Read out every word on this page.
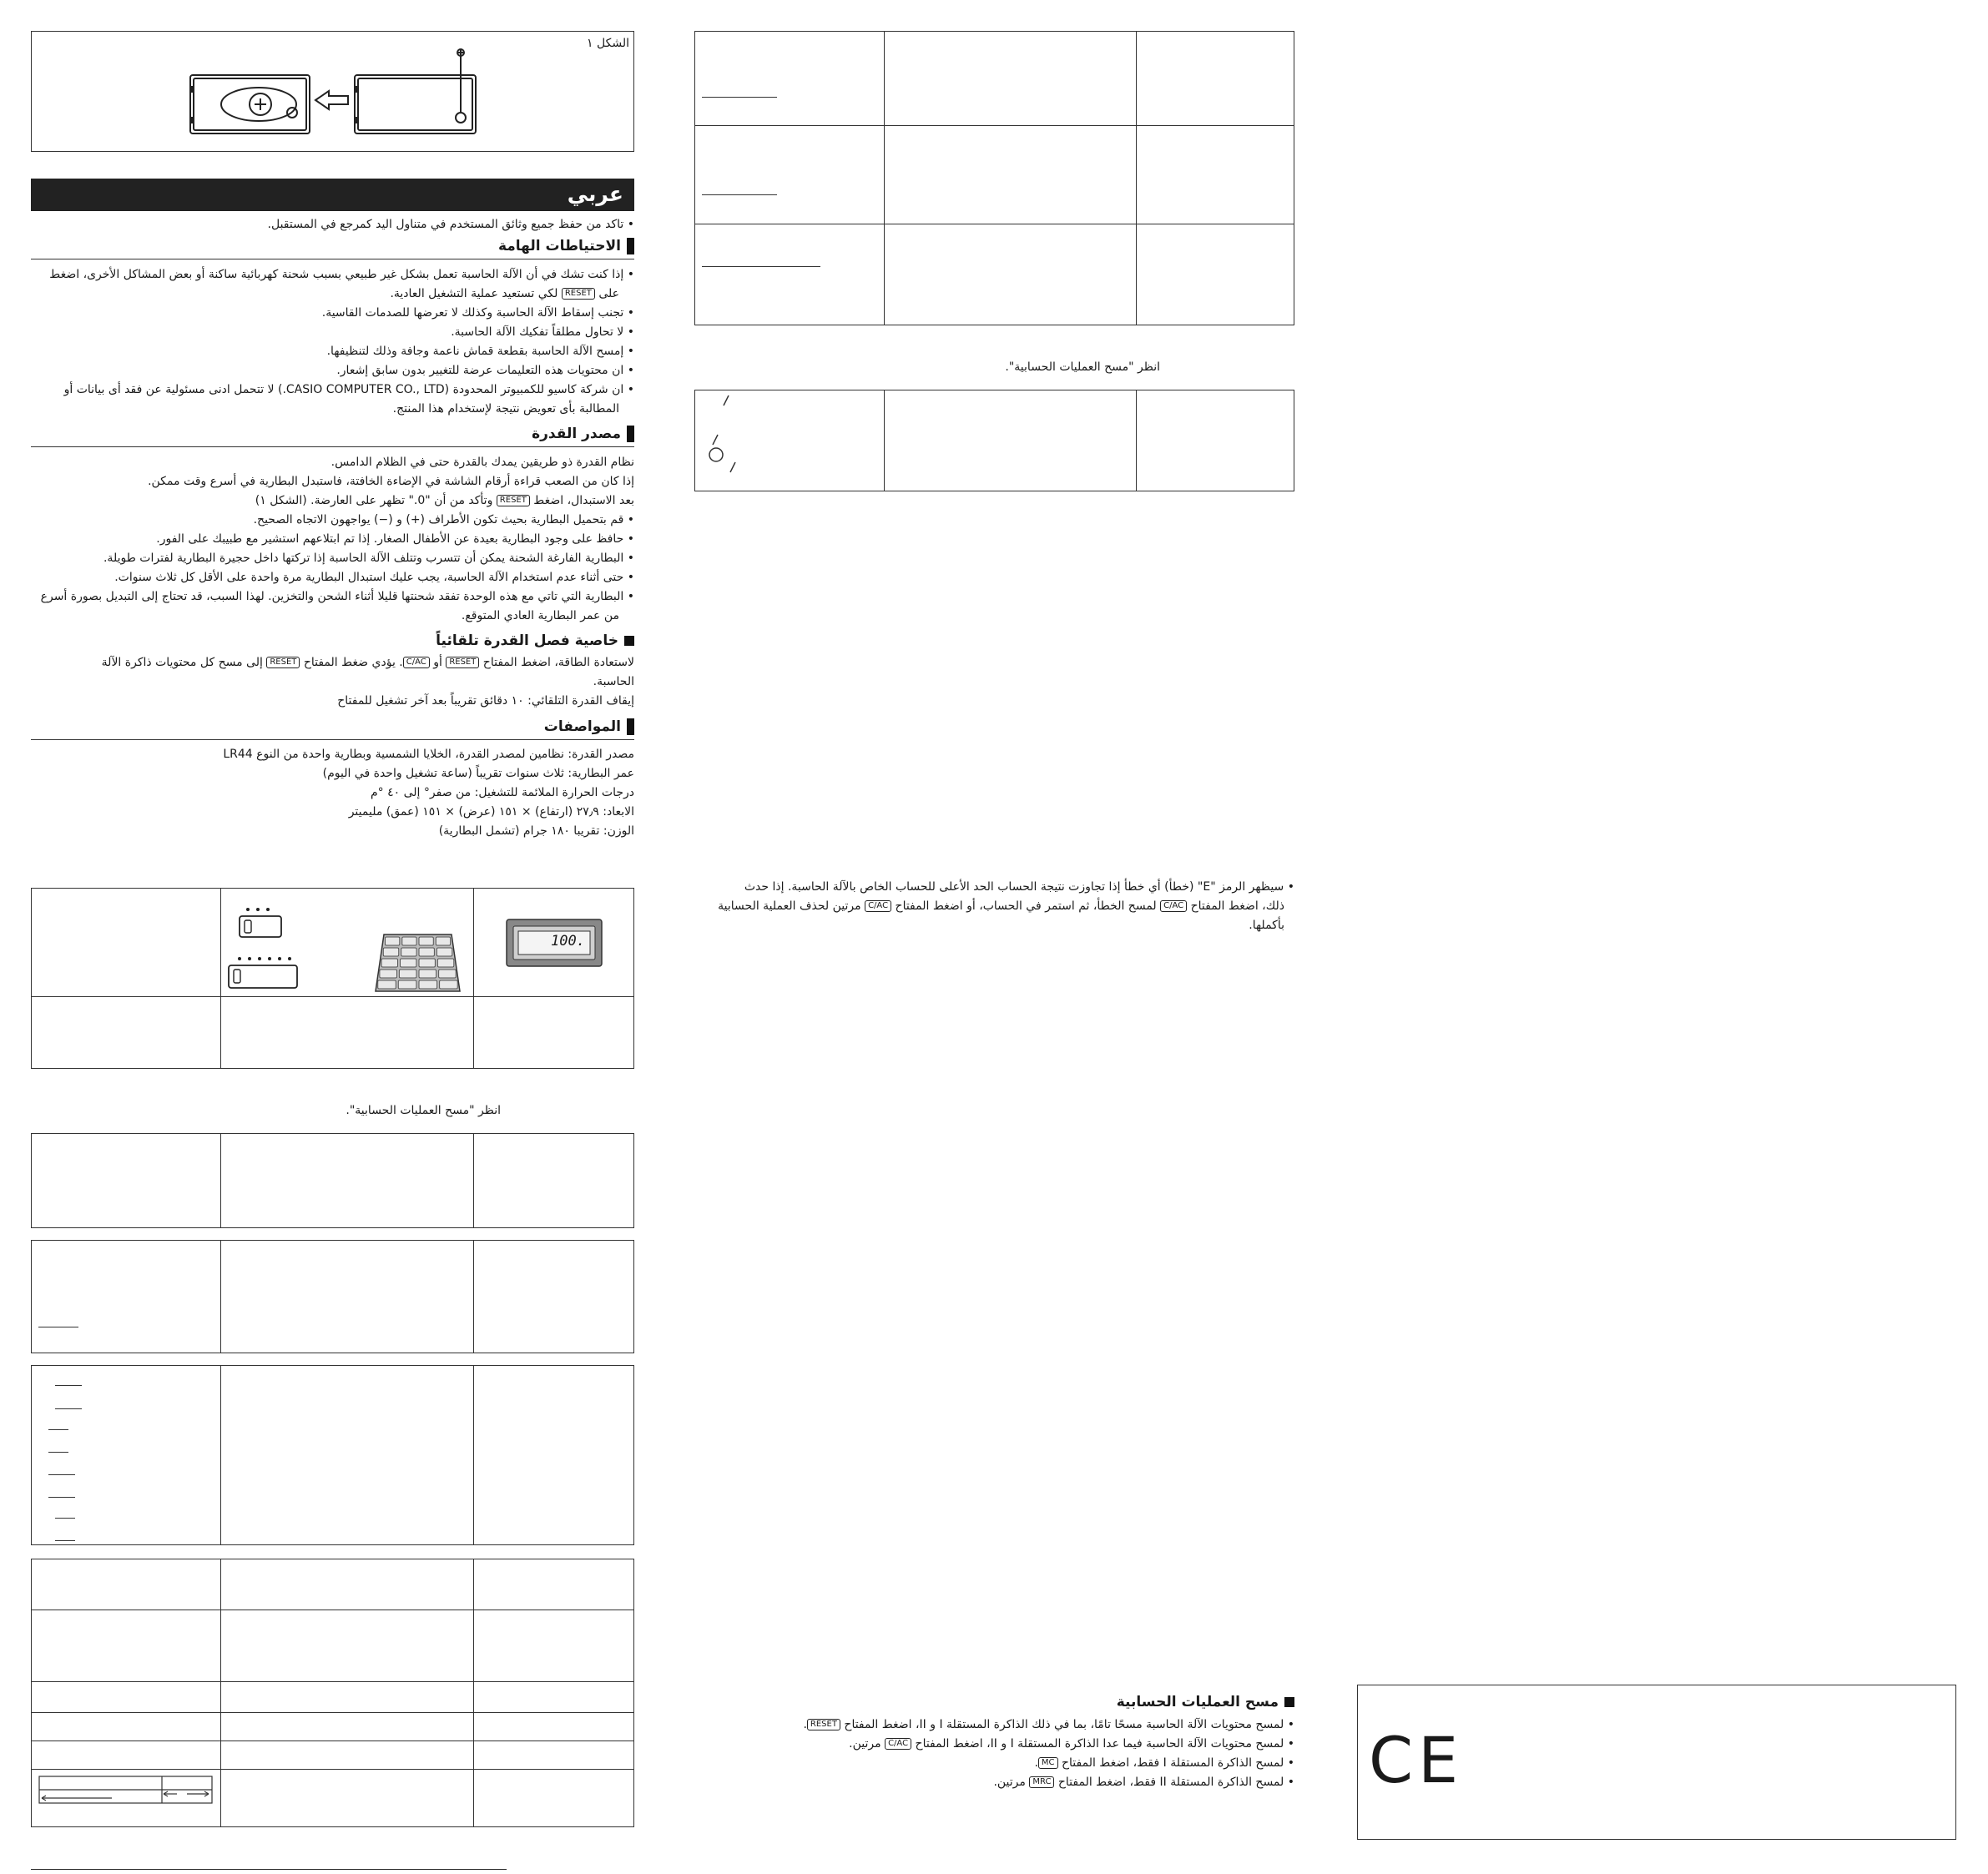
الشكل ١
عربي
• تاكد من حفظ جميع وثائق المستخدم في متناول اليد كمرجع في المستقبل.
الاحتياطات الهامة
• إذا كنت تشك في أن الآلة الحاسبة تعمل بشكل غير طبيعي بسبب شحنة كهربائية ساكنة أو بعض المشاكل الأخرى، اضغط
على RESET لكي تستعيد عملية التشغيل العادية.
• تجنب إسقاط الآلة الحاسبة وكذلك لا تعرضها للصدمات القاسية.
• لا تحاول مطلقاً تفكيك الآلة الحاسبة.
• إمسح الآلة الحاسبة بقطعة قماش ناعمة وجافة وذلك لتنظيفها.
• ان محتويات هذه التعليمات عرضة للتغيير بدون سابق إشعار.
• ان شركة كاسيو للكمبيوتر المحدودة (CASIO COMPUTER CO., LTD.) لا تتحمل ادنى مسئولية عن فقد أى بيانات أو
المطالبة بأى تعويض نتيجة لإستخدام هذا المنتج.
مصدر القدرة
نظام القدرة ذو طريقين يمدك بالقدرة حتى في الظلام الدامس.
إذا كان من الصعب قراءة أرقام الشاشة في الإضاءة الخافتة، فاستبدل البطارية في أسرع وقت ممكن.
بعد الاستبدال، اضغط RESET وتأكد من أن "0." تظهر على العارضة. (الشكل ١)
• قم بتحميل البطارية بحيث تكون الأطراف (+) و (−) يواجهون الاتجاه الصحيح.
• حافظ على وجود البطارية بعيدة عن الأطفال الصغار. إذا تم ابتلاعهم استشير مع طبيبك على الفور.
• البطارية الفارغة الشحنة يمكن أن تتسرب وتتلف الآلة الحاسبة إذا تركتها داخل حجيرة البطارية لفترات طويلة.
• حتى أثناء عدم استخدام الآلة الحاسبة، يجب عليك استبدال البطارية مرة واحدة على الأقل كل ثلاث سنوات.
• البطارية التي تاتي مع هذه الوحدة تفقد شحنتها قليلا أثناء الشحن والتخزين. لهذا السبب، قد تحتاج إلى التبديل بصورة أسرع
من عمر البطارية العادي المتوقع.
خاصية فصل القدرة تلقائياً
لاستعادة الطاقة، اضغط المفتاح RESET أو C/AC. يؤدي ضغط المفتاح RESET إلى مسح كل محتويات ذاكرة الآلة
الحاسبة.
إيقاف القدرة التلقائي: ١٠ دقائق تقريباً بعد آخر تشغيل للمفتاح
المواصفات
مصدر القدرة: نظامين لمصدر القدرة، الخلايا الشمسية وبطارية واحدة من النوع LR44
عمر البطارية: ثلاث سنوات تقريباً (ساعة تشغيل واحدة في اليوم)
درجات الحرارة الملائمة للتشغيل: من صفر° إلى ٤٠ °م
الابعاد: ٢٧٫٩ (ارتفاع) × ١٥١ (عرض) × ١٥١ (عمق) مليميتر
الوزن: تقريبا ١٨٠ جرام (تشمل البطارية)
100.
انظر "مسح العمليات الحسابية".
انظر "مسح العمليات الحسابية".
• سيظهر الرمز "E" (خطأ) أي خطأ إذا تجاوزت نتيجة الحساب الحد الأعلى للحساب الخاص بالآلة الحاسبة. إذا حدث
ذلك، اضغط المفتاح C/AC لمسح الخطأ، ثم استمر في الحساب، أو اضغط المفتاح C/AC مرتين لحذف العملية الحسابية
بأكملها.
مسح العمليات الحسابية
• لمسح محتويات الآلة الحاسبة مسحًا تامًا، بما في ذلك الذاكرة المستقلة I و II، اضغط المفتاح RESET.
• لمسح محتويات الآلة الحاسبة فيما عدا الذاكرة المستقلة I و II، اضغط المفتاح C/AC مرتين.
• لمسح الذاكرة المستقلة I فقط، اضغط المفتاح MC.
• لمسح الذاكرة المستقلة II فقط، اضغط المفتاح MRC مرتين.	CE
